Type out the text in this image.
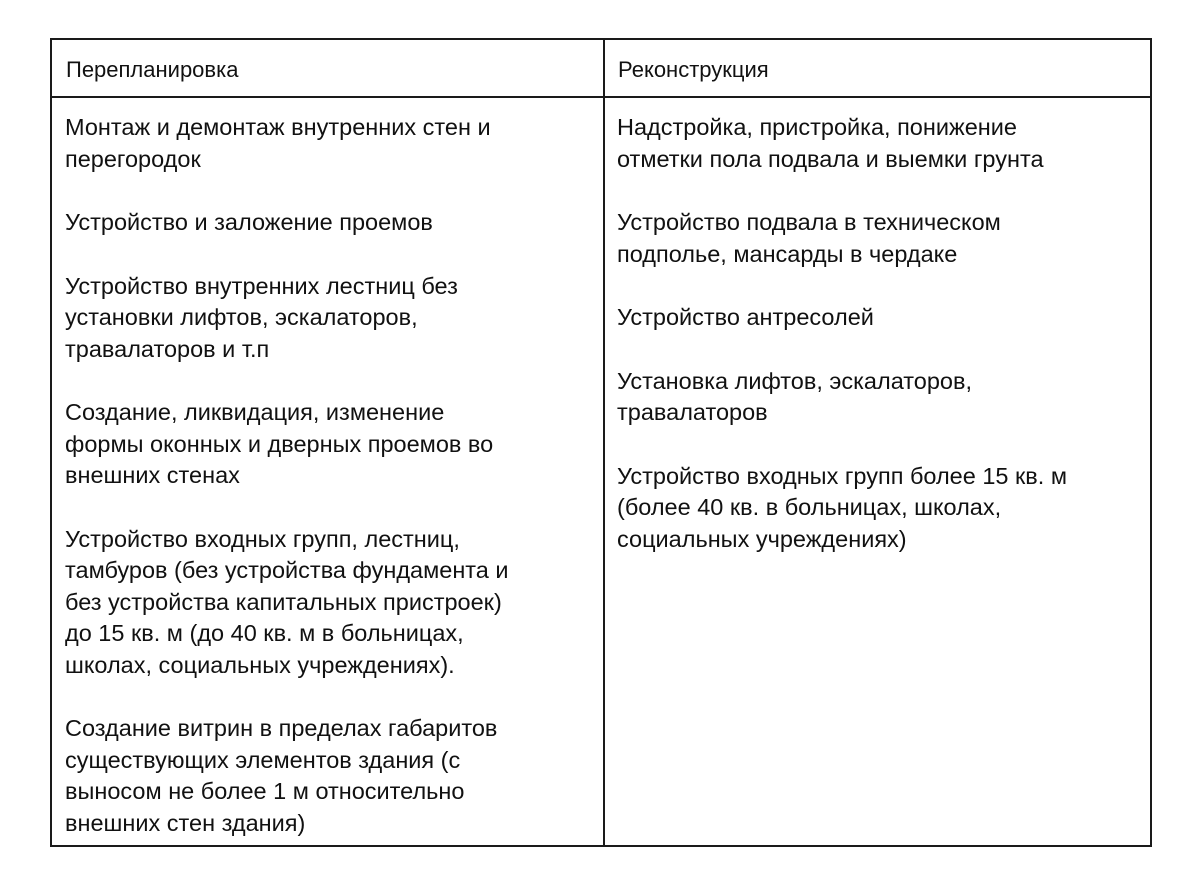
Перепланировка	Реконструкция

Монтаж и демонтаж внутренних стен и
перегородок

Устройство и заложение проемов

Устройство внутренних лестниц без
установки лифтов, эскалаторов,
травалаторов и т.п

Создание, ликвидация, изменение
формы оконных и дверных проемов во
внешних стенах

Устройство входных групп, лестниц,
тамбуров (без устройства фундамента и
без устройства капитальных пристроек)
до 15 кв. м (до 40 кв. м в больницах,
школах, социальных учреждениях).

Создание витрин в пределах габаритов
существующих элементов здания (с
выносом не более 1 м относительно
внешних стен здания)

Надстройка, пристройка, понижение
отметки пола подвала и выемки грунта

Устройство подвала в техническом
подполье, мансарды в чердаке

Устройство антресолей

Установка лифтов, эскалаторов,
травалаторов

Устройство входных групп более 15 кв. м
(более 40 кв. в больницах, школах,
социальных учреждениях)
